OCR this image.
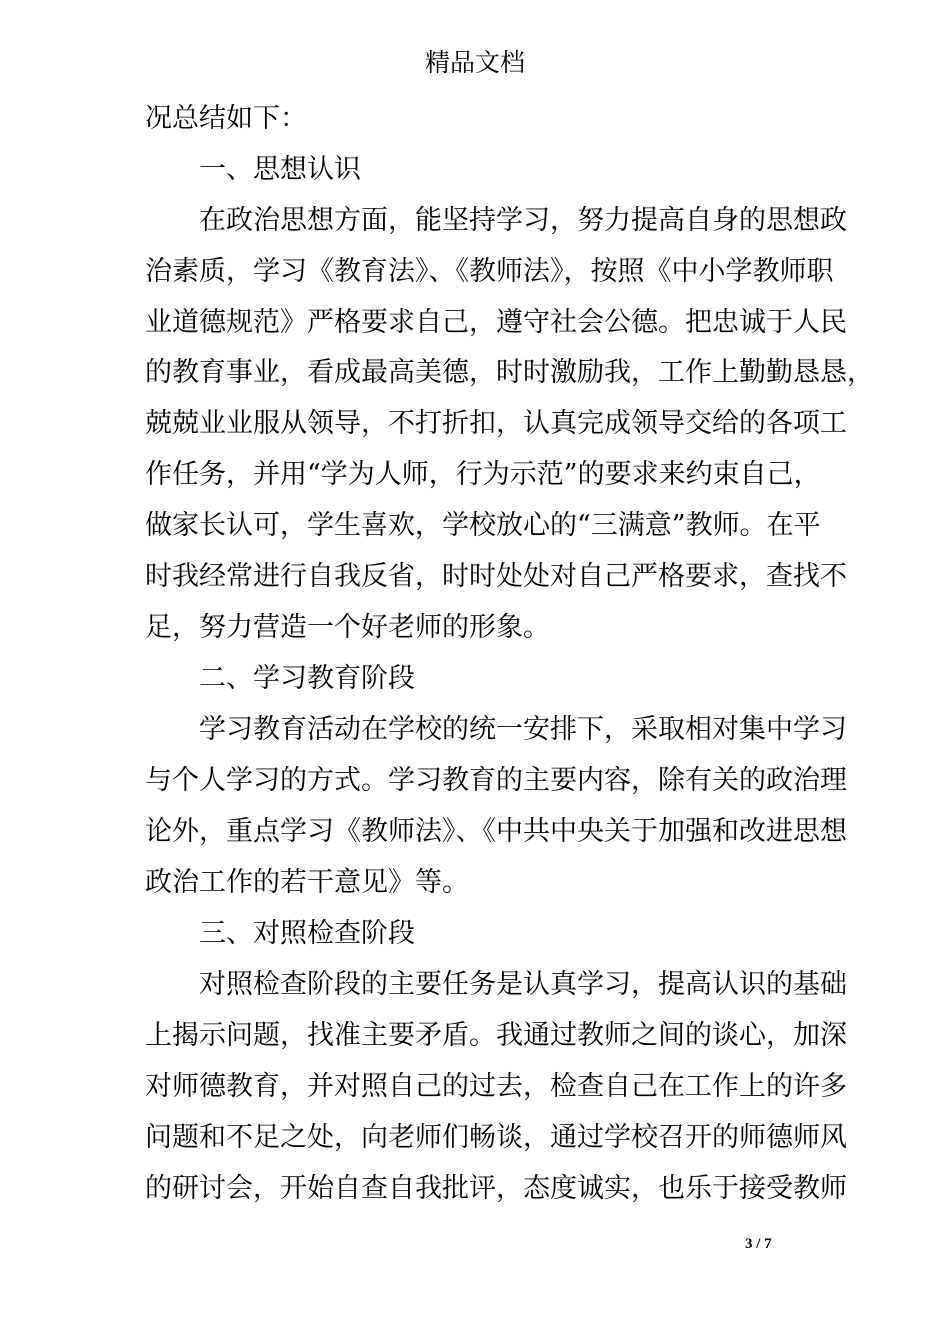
精品文档
况总结如下：
一、思想认识
在政治思想方面，能坚持学习，努力提高自身的思想政
治素质，学习《教育法》、《教师法》，按照《中小学教师职
业道德规范》严格要求自己，遵守社会公德。把忠诚于人民
的教育事业，看成最高美德，时时激励我，工作上勤勤恳恳，
兢兢业业服从领导，不打折扣，认真完成领导交给的各项工
作任务，并用“学为人师，行为示范”的要求来约束自己，
做家长认可，学生喜欢，学校放心的“三满意”教师。在平
时我经常进行自我反省，时时处处对自己严格要求，查找不
足，努力营造一个好老师的形象。
二、学习教育阶段
学习教育活动在学校的统一安排下，采取相对集中学习
与个人学习的方式。学习教育的主要内容，除有关的政治理
论外，重点学习《教师法》、《中共中央关于加强和改进思想
政治工作的若干意见》等。
三、对照检查阶段
对照检查阶段的主要任务是认真学习，提高认识的基础
上揭示问题，找准主要矛盾。我通过教师之间的谈心，加深
对师德教育，并对照自己的过去，检查自己在工作上的许多
问题和不足之处，向老师们畅谈，通过学校召开的师德师风
的研讨会，开始自查自我批评，态度诚实，也乐于接受教师
3 / 7
